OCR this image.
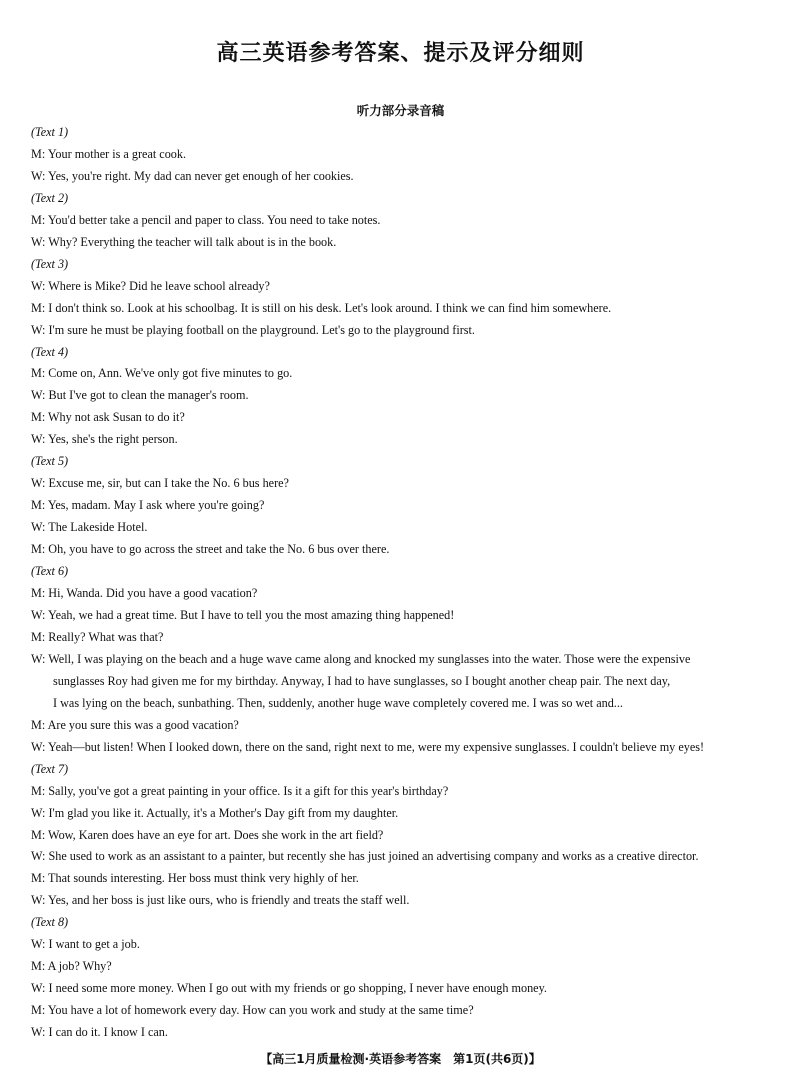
高三英语参考答案、提示及评分细则
听力部分录音稿
(Text 1)
M: Your mother is a great cook.
W: Yes, you're right. My dad can never get enough of her cookies.
(Text 2)
M: You'd better take a pencil and paper to class. You need to take notes.
W: Why? Everything the teacher will talk about is in the book.
(Text 3)
W: Where is Mike? Did he leave school already?
M: I don't think so. Look at his schoolbag. It is still on his desk. Let's look around. I think we can find him somewhere.
W: I'm sure he must be playing football on the playground. Let's go to the playground first.
(Text 4)
M: Come on, Ann. We've only got five minutes to go.
W: But I've got to clean the manager's room.
M: Why not ask Susan to do it?
W: Yes, she's the right person.
(Text 5)
W: Excuse me, sir, but can I take the No. 6 bus here?
M: Yes, madam. May I ask where you're going?
W: The Lakeside Hotel.
M: Oh, you have to go across the street and take the No. 6 bus over there.
(Text 6)
M: Hi, Wanda. Did you have a good vacation?
W: Yeah, we had a great time. But I have to tell you the most amazing thing happened!
M: Really? What was that?
W: Well, I was playing on the beach and a huge wave came along and knocked my sunglasses into the water. Those were the expensive
sunglasses Roy had given me for my birthday. Anyway, I had to have sunglasses, so I bought another cheap pair. The next day,
I was lying on the beach, sunbathing. Then, suddenly, another huge wave completely covered me. I was so wet and...
M: Are you sure this was a good vacation?
W: Yeah—but listen! When I looked down, there on the sand, right next to me, were my expensive sunglasses. I couldn't believe my eyes!
(Text 7)
M: Sally, you've got a great painting in your office. Is it a gift for this year's birthday?
W: I'm glad you like it. Actually, it's a Mother's Day gift from my daughter.
M: Wow, Karen does have an eye for art. Does she work in the art field?
W: She used to work as an assistant to a painter, but recently she has just joined an advertising company and works as a creative director.
M: That sounds interesting. Her boss must think very highly of her.
W: Yes, and her boss is just like ours, who is friendly and treats the staff well.
(Text 8)
W: I want to get a job.
M: A job? Why?
W: I need some more money. When I go out with my friends or go shopping, I never have enough money.
M: You have a lot of homework every day. How can you work and study at the same time?
W: I can do it. I know I can.
【高三1月质量检测·英语参考答案　第1页(共6页)】
